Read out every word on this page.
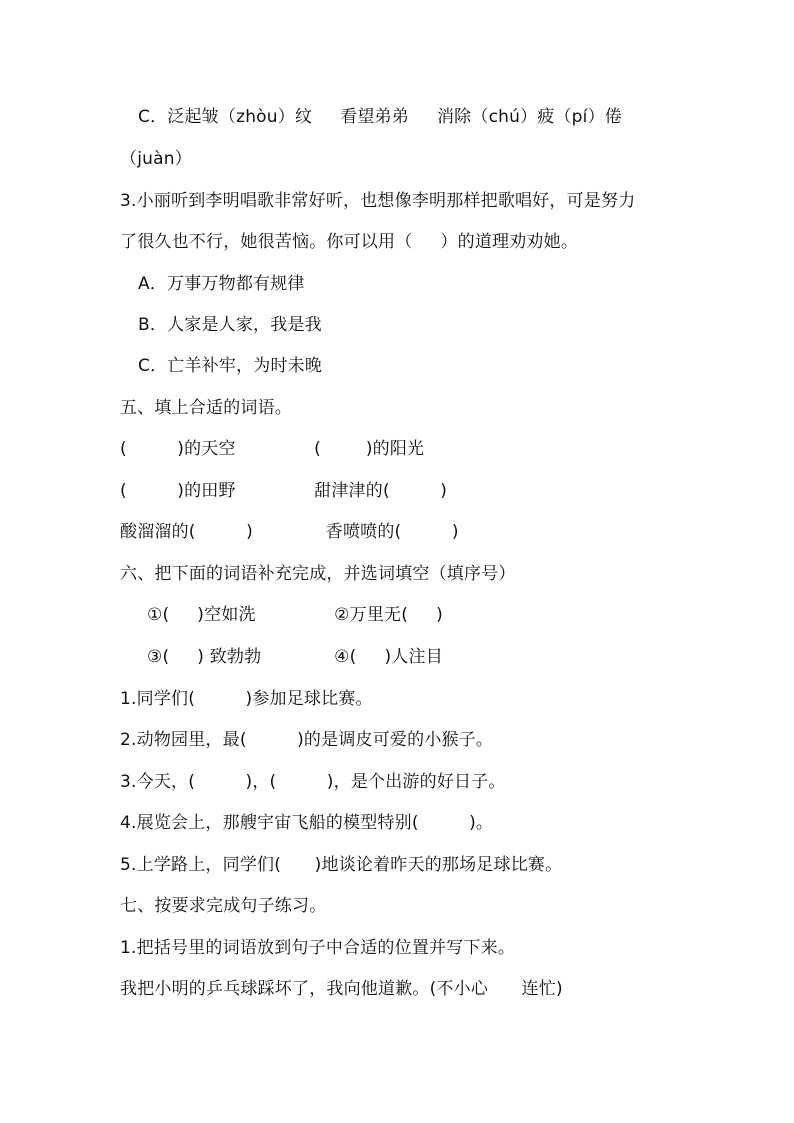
C．泛起皱（zhòu）纹     看望弟弟     消除（chú）疲（pí）倦
（juàn）
3.小丽听到李明唱歌非常好听，也想像李明那样把歌唱好，可是努力
了很久也不行，她很苦恼。你可以用（     ）的道理劝劝她。
A．万事万物都有规律
B．人家是人家，我是我
C．亡羊补牢，为时未晚
五、填上合适的词语。
(         )的天空              (        )的阳光
(         )的田野              甜津津的(         )
酸溜溜的(         )             香喷喷的(         )
六、把下面的词语补充完成，并选词填空（填序号）
①(     )空如洗              ②万里无(     )
③(     ) 致勃勃             ④(     )人注目
1.同学们(         )参加足球比赛。
2.动物园里，最(         )的是调皮可爱的小猴子。
3.今天，(         )，(         )，是个出游的好日子。
4.展览会上，那艘宇宙飞船的模型特别(         )。
5.上学路上，同学们(      )地谈论着昨天的那场足球比赛。
七、按要求完成句子练习。
1.把括号里的词语放到句子中合适的位置并写下来。
我把小明的乒乓球踩坏了，我向他道歉。(不小心      连忙)
